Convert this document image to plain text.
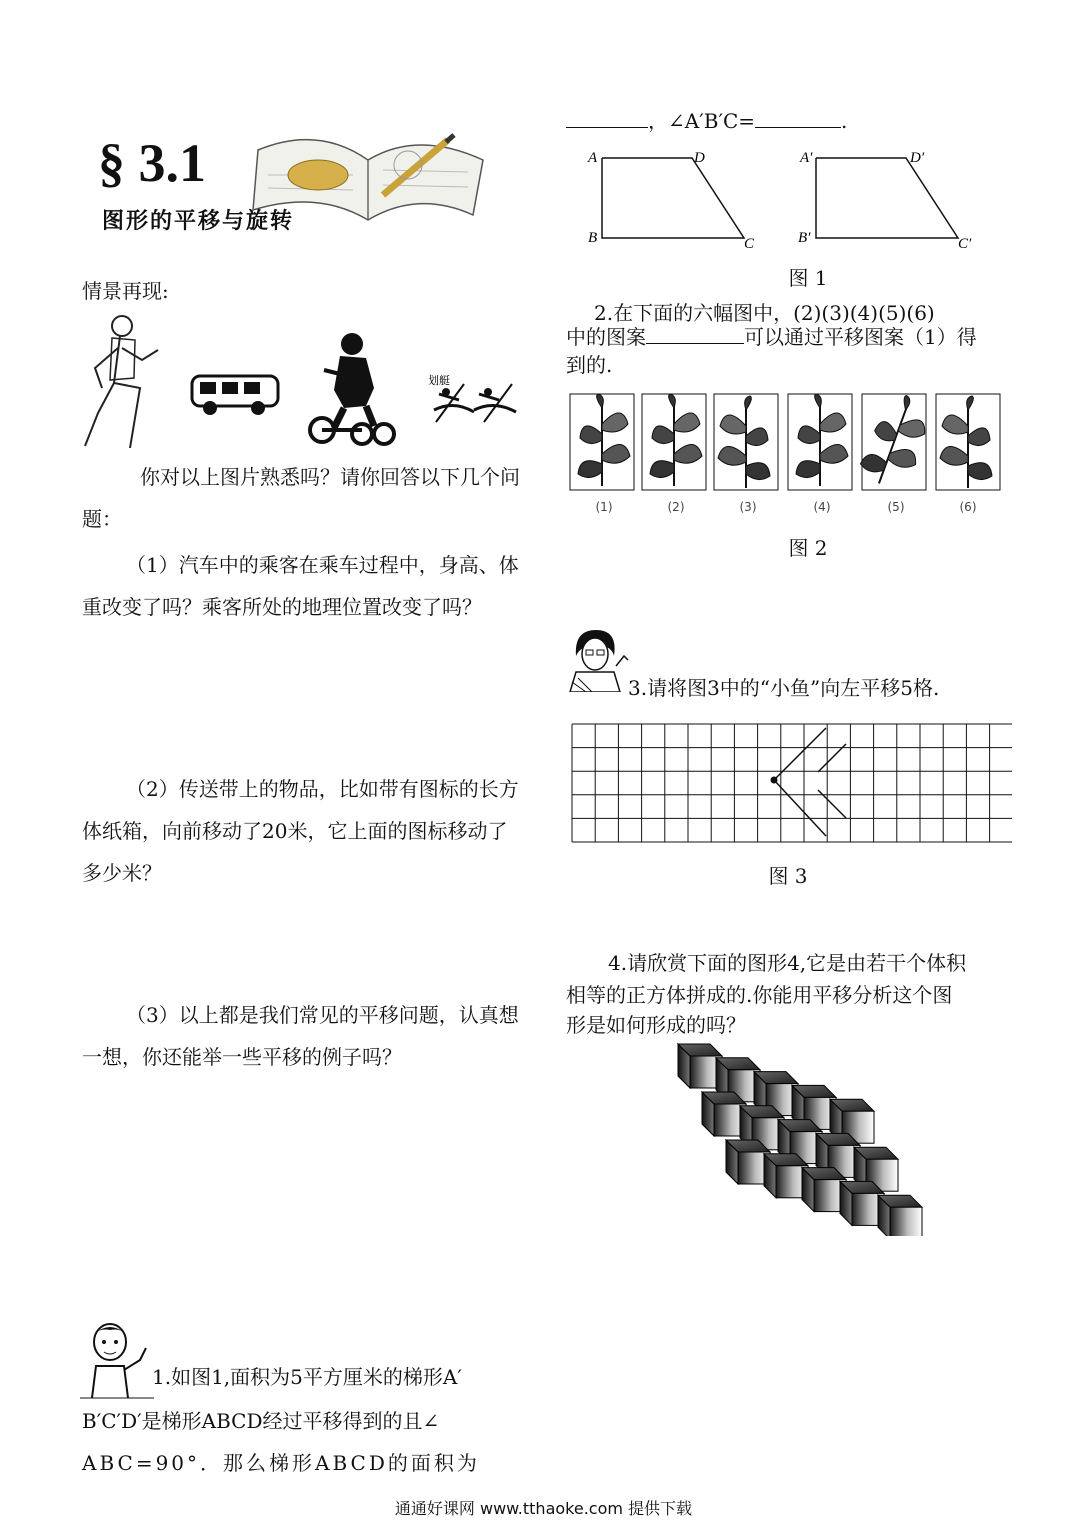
§ 3.1
图形的平移与旋转
情景再现:
划艇
你对以上图片熟悉吗？请你回答以下几个问题：
（1）汽车中的乘客在乘车过程中，身高、体重改变了吗？乘客所处的地理位置改变了吗？
（2）传送带上的物品，比如带有图标的长方体纸箱，向前移动了20米，它上面的图标移动了多少米？
（3）以上都是我们常见的平移问题，认真想一想，你还能举一些平移的例子吗？
1.如图1,面积为5平方厘米的梯形A′
B′C′D′是梯形ABCD经过平移得到的且∠
ABC=90°．那么梯形ABCD的面积为
，∠A′B′C=	.
A	D
B	C
A′	D′
B′	C′
图 1
2.在下面的六幅图中，(2)(3)(4)(5)(6)
中的图案	可以通过平移图案（1）得
到的.
(1)	(2)	(3)	(4)	(5)	(6)
图 2
3.请将图3中的“小鱼”向左平移5格.
图 3
4.请欣赏下面的图形4,它是由若干个体积
相等的正方体拼成的.你能用平移分析这个图
形是如何形成的吗？
通通好课网 www.tthaoke.com 提供下载
